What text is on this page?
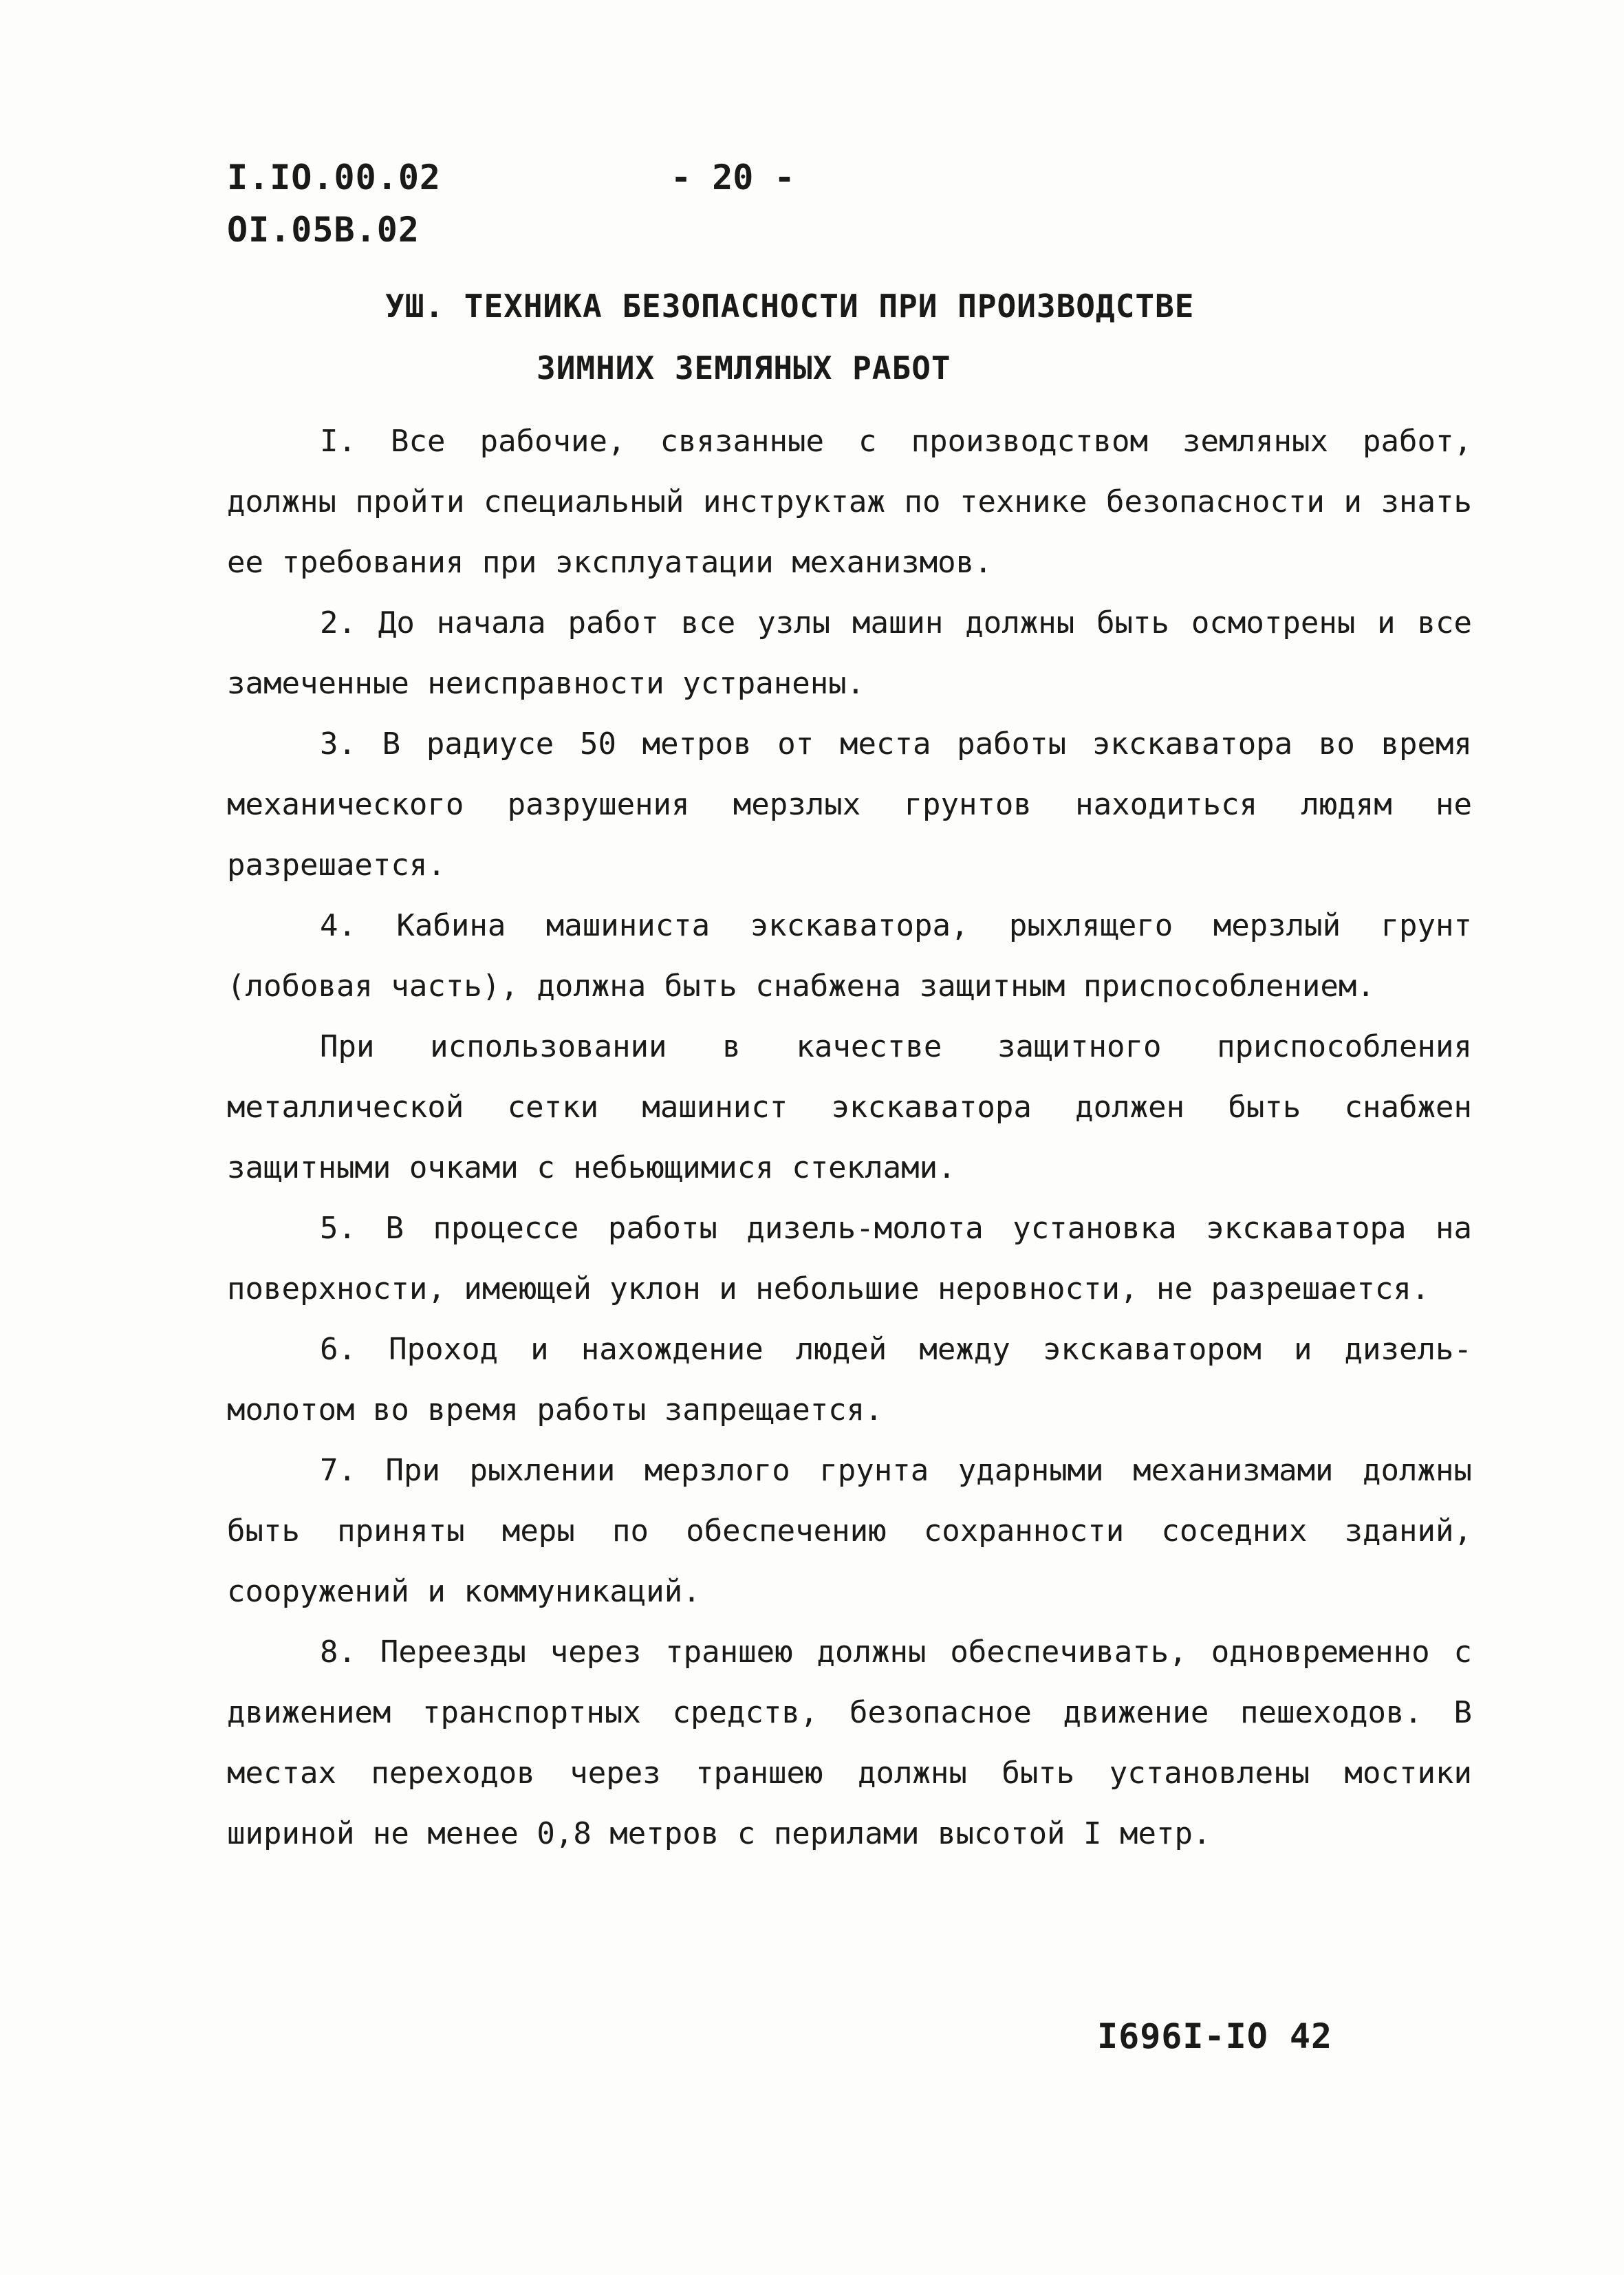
I.IO.00.02
OI.05B.02
- 20 -
УШ. ТЕХНИКА БЕЗОПАСНОСТИ ПРИ ПРОИЗВОДСТВЕ
ЗИМНИХ ЗЕМЛЯНЫХ РАБОТ

I. Все рабочие, связанные с производством земляных работ, должны пройти специальный инструктаж по технике безопасности и знать ее требования при эксплуатации механизмов.

2. До начала работ все узлы машин должны быть осмотрены и все замеченные неисправности устранены.

3. В радиусе 50 метров от места работы экскаватора во время механического разрушения мерзлых грунтов находиться людям не разрешается.

4. Кабина машиниста экскаватора, рыхлящего мерзлый грунт (лобовая часть), должна быть снабжена защитным приспособлением.

При использовании в качестве защитного приспособления металлической сетки машинист экскаватора должен быть снабжен защитными очками с небьющимися стеклами.

5. В процессе работы дизель-молота установка экскаватора на поверхности, имеющей уклон и небольшие неровности, не разрешается.

6. Проход и нахождение людей между экскаватором и дизель-молотом во время работы запрещается.

7. При рыхлении мерзлого грунта ударными механизмами должны быть приняты меры по обеспечению сохранности соседних зданий, сооружений и коммуникаций.

8. Переезды через траншею должны обеспечивать, одновременно с движением транспортных средств, безопасное движение пешеходов. В местах переходов через траншею должны быть установлены мостики шириной не менее 0,8 метров с перилами высотой I метр.

I696I-IO 42
